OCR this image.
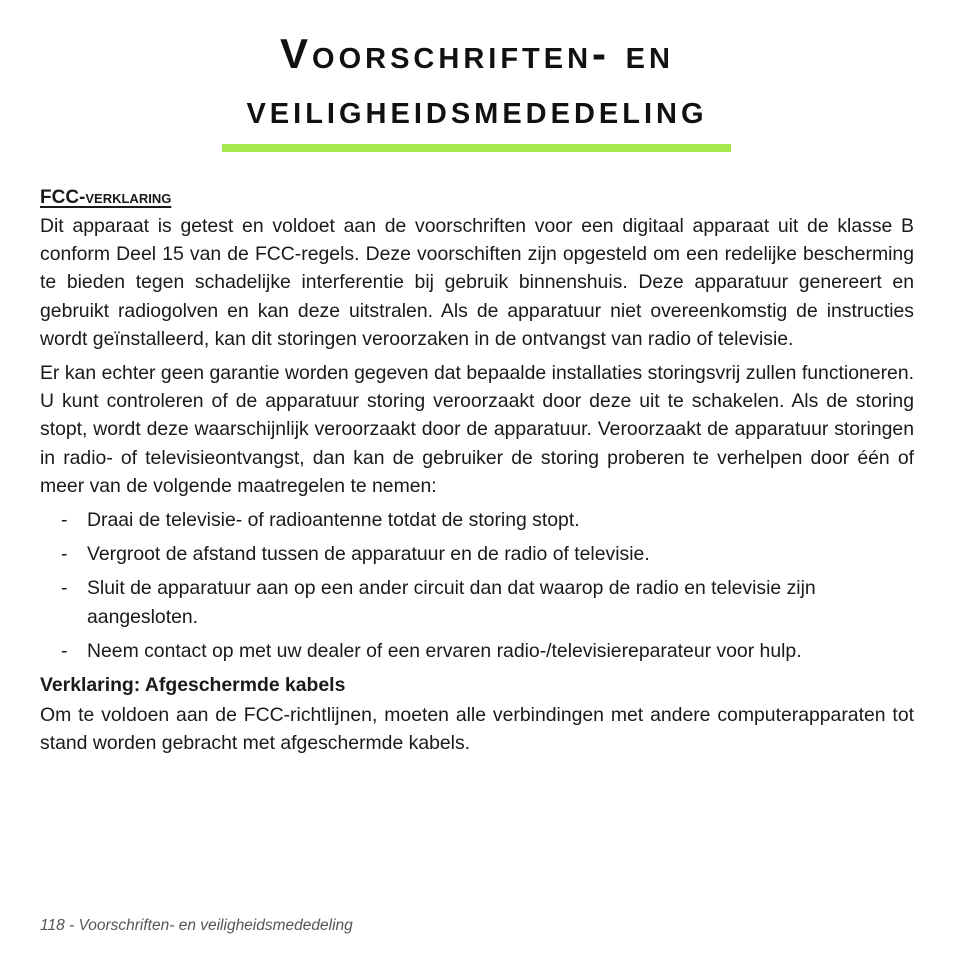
Voorschriften- en
veiligheidsmededeling
FCC-verklaring

Dit apparaat is getest en voldoet aan de voorschriften voor een digitaal apparaat uit de klasse B conform Deel 15 van de FCC-regels. Deze voorschiften zijn opgesteld om een redelijke bescherming te bieden tegen schadelijke interferentie bij gebruik binnenshuis. Deze apparatuur genereert en gebruikt radiogolven en kan deze uitstralen. Als de apparatuur niet overeenkomstig de instructies wordt geïnstalleerd, kan dit storingen veroorzaken in de ontvangst van radio of televisie.

Er kan echter geen garantie worden gegeven dat bepaalde installaties storingsvrij zullen functioneren. U kunt controleren of de apparatuur storing veroorzaakt door deze uit te schakelen. Als de storing stopt, wordt deze waarschijnlijk veroorzaakt door de apparatuur. Veroorzaakt de apparatuur storingen in radio- of televisieontvangst, dan kan de gebruiker de storing proberen te verhelpen door één of meer van de volgende maatregelen te nemen:

- Draai de televisie- of radioantenne totdat de storing stopt.
- Vergroot de afstand tussen de apparatuur en de radio of televisie.
- Sluit de apparatuur aan op een ander circuit dan dat waarop de radio en televisie zijn aangesloten.
- Neem contact op met uw dealer of een ervaren radio-/televisiereparateur voor hulp.
Verklaring: Afgeschermde kabels

Om te voldoen aan de FCC-richtlijnen, moeten alle verbindingen met andere computerapparaten tot stand worden gebracht met afgeschermde kabels.

118 - Voorschriften- en veiligheidsmededeling
